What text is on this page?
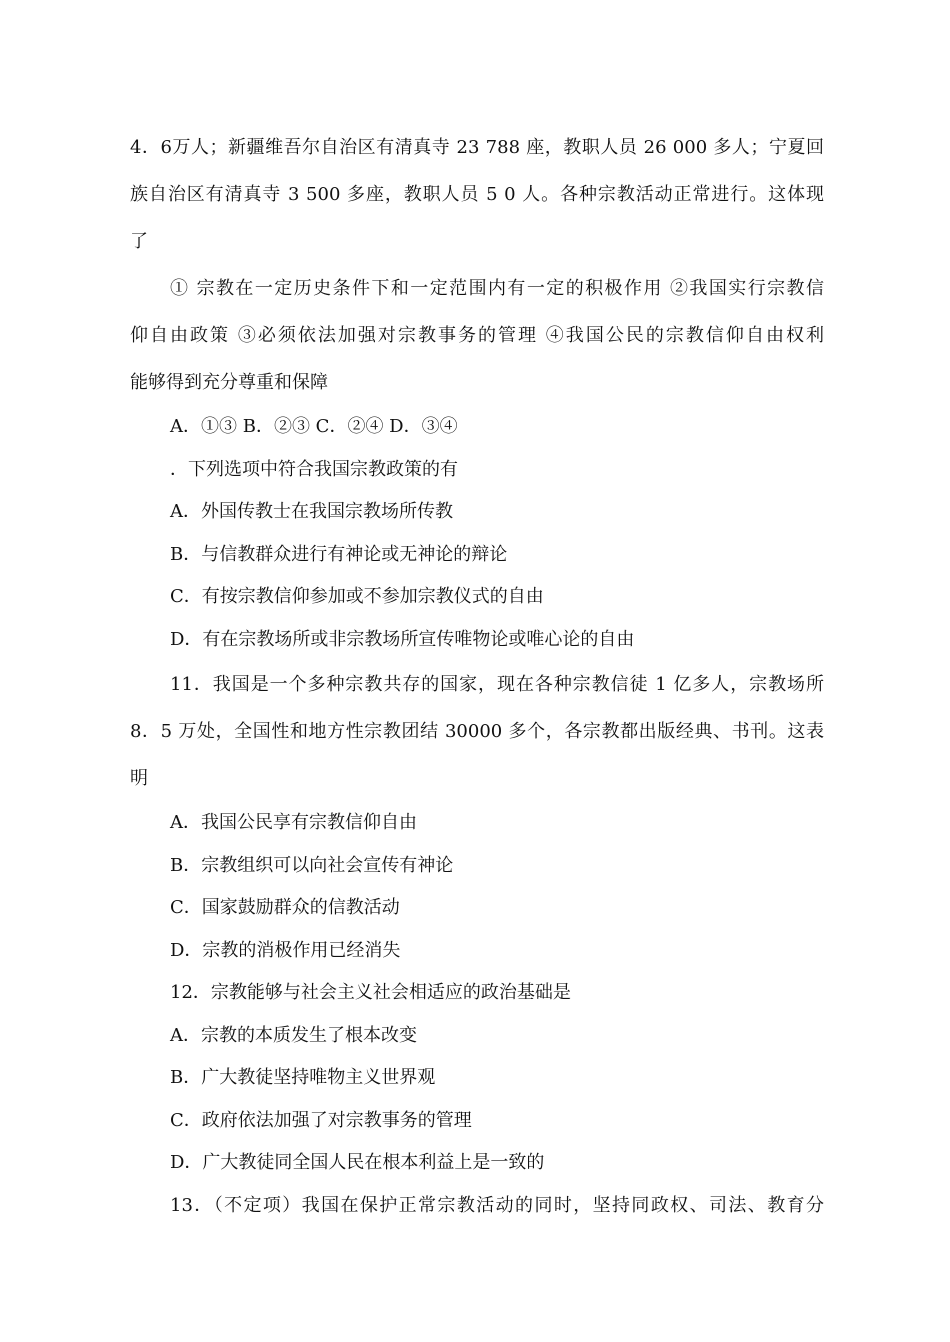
4．6万人；新疆维吾尔自治区有清真寺 23 788 座，教职人员 26 000 多人；宁夏回
族自治区有清真寺 3 500 多座，教职人员 5 0 人。各种宗教活动正常进行。这体现
了
① 宗教在一定历史条件下和一定范围内有一定的积极作用 ②我国实行宗教信
仰自由政策 ③必须依法加强对宗教事务的管理 ④我国公民的宗教信仰自由权利
能够得到充分尊重和保障
A．①③ B．②③ C．②④ D．③④
．下列选项中符合我国宗教政策的有
A．外国传教士在我国宗教场所传教
B．与信教群众进行有神论或无神论的辩论
C．有按宗教信仰参加或不参加宗教仪式的自由
D．有在宗教场所或非宗教场所宣传唯物论或唯心论的自由
11．我国是一个多种宗教共存的国家，现在各种宗教信徒 1 亿多人，宗教场所
8．5 万处，全国性和地方性宗教团结 30000 多个，各宗教都出版经典、书刊。这表
明
A．我国公民享有宗教信仰自由
B．宗教组织可以向社会宣传有神论
C．国家鼓励群众的信教活动
D．宗教的消极作用已经消失
12．宗教能够与社会主义社会相适应的政治基础是
A．宗教的本质发生了根本改变
B．广大教徒坚持唯物主义世界观
C．政府依法加强了对宗教事务的管理
D．广大教徒同全国人民在根本利益上是一致的
13．（不定项）我国在保护正常宗教活动的同时，坚持同政权、司法、教育分
